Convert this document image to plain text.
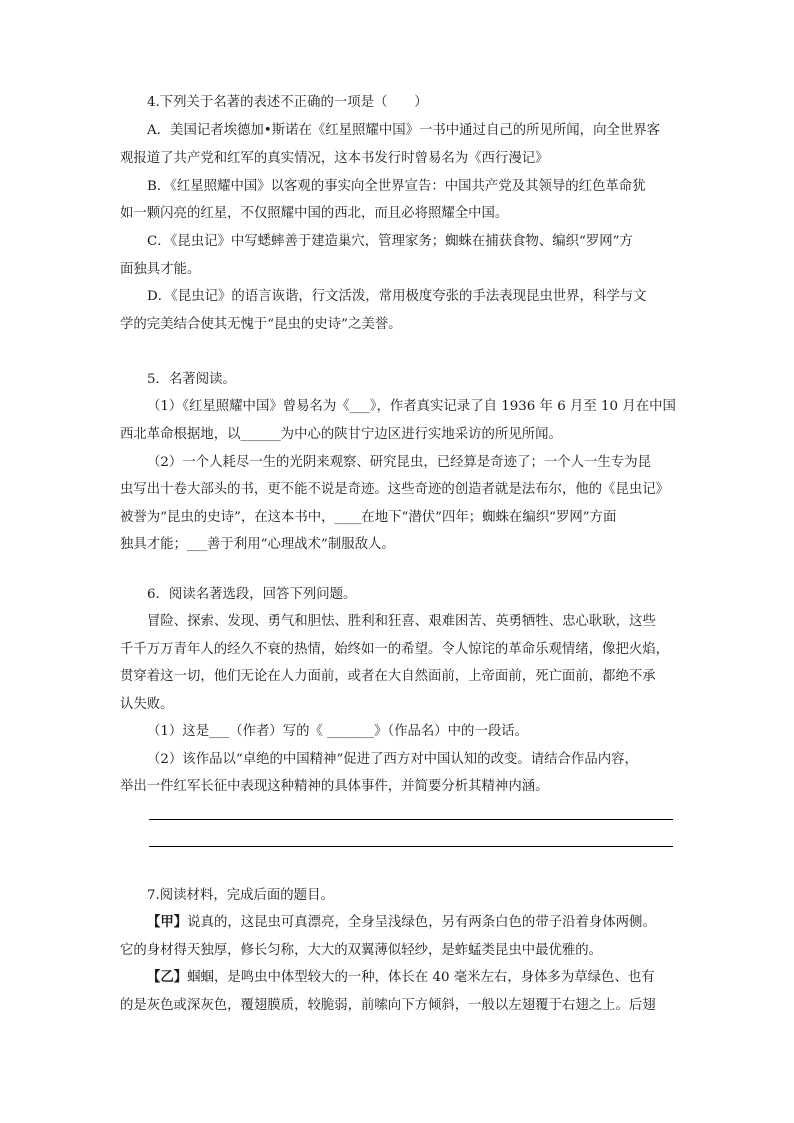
4.下列关于名著的表述不正确的一项是（　　）
A．美国记者埃德加•斯诺在《红星照耀中国》一书中通过自己的所见所闻，向全世界客
观报道了共产党和红军的真实情况，这本书发行时曾易名为《西行漫记》
B．《红星照耀中国》以客观的事实向全世界宣告：中国共产党及其领导的红色革命犹
如一颗闪亮的红星，不仅照耀中国的西北，而且必将照耀全中国。
C．《昆虫记》中写蟋蟀善于建造巢穴，管理家务；蜘蛛在捕获食物、编织“罗网”方
面独具才能。
D．《昆虫记》的语言诙谐，行文活泼，常用极度夸张的手法表现昆虫世界，科学与文
学的完美结合使其无愧于“昆虫的史诗”之美誉。
5．名著阅读。
（1）《红星照耀中国》曾易名为《___》，作者真实记录了自 1936 年 6 月至 10 月在中国
西北革命根据地，以______为中心的陕甘宁边区进行实地采访的所见所闻。
（2）一个人耗尽一生的光阴来观察、研究昆虫，已经算是奇迹了；一个人一生专为昆
虫写出十卷大部头的书，更不能不说是奇迹。这些奇迹的创造者就是法布尔，他的《昆虫记》
被誉为“昆虫的史诗”，在这本书中，____在地下“潜伏”四年；蜘蛛在编织“罗网”方面
独具才能；___善于利用“心理战术”制服敌人。
6．阅读名著选段，回答下列问题。
冒险、探索、发现、勇气和胆怯、胜利和狂喜、艰难困苦、英勇牺牲、忠心耿耿，这些
千千万万青年人的经久不衰的热情，始终如一的希望。令人惊诧的革命乐观情绪，像把火焰，
贯穿着这一切，他们无论在人力面前，或者在大自然面前，上帝面前，死亡面前，都绝不承
认失败。
（1）这是___（作者）写的《 _______》（作品名）中的一段话。
（2）该作品以“卓绝的中国精神”促进了西方对中国认知的改变。请结合作品内容，
举出一件红军长征中表现这种精神的具体事件，并简要分析其精神内涵。
7.阅读材料，完成后面的题目。
【甲】说真的，这昆虫可真漂亮，全身呈浅绿色，另有两条白色的带子沿着身体两侧。
它的身材得天独厚，修长匀称，大大的双翼薄似轻纱，是蚱蜢类昆虫中最优雅的。
【乙】蝈蝈，是鸣虫中体型较大的一种，体长在 40 毫米左右，身体多为草绿色、也有
的是灰色或深灰色，覆翅膜质，较脆弱，前嗦向下方倾斜，一般以左翅覆于右翅之上。后翅
